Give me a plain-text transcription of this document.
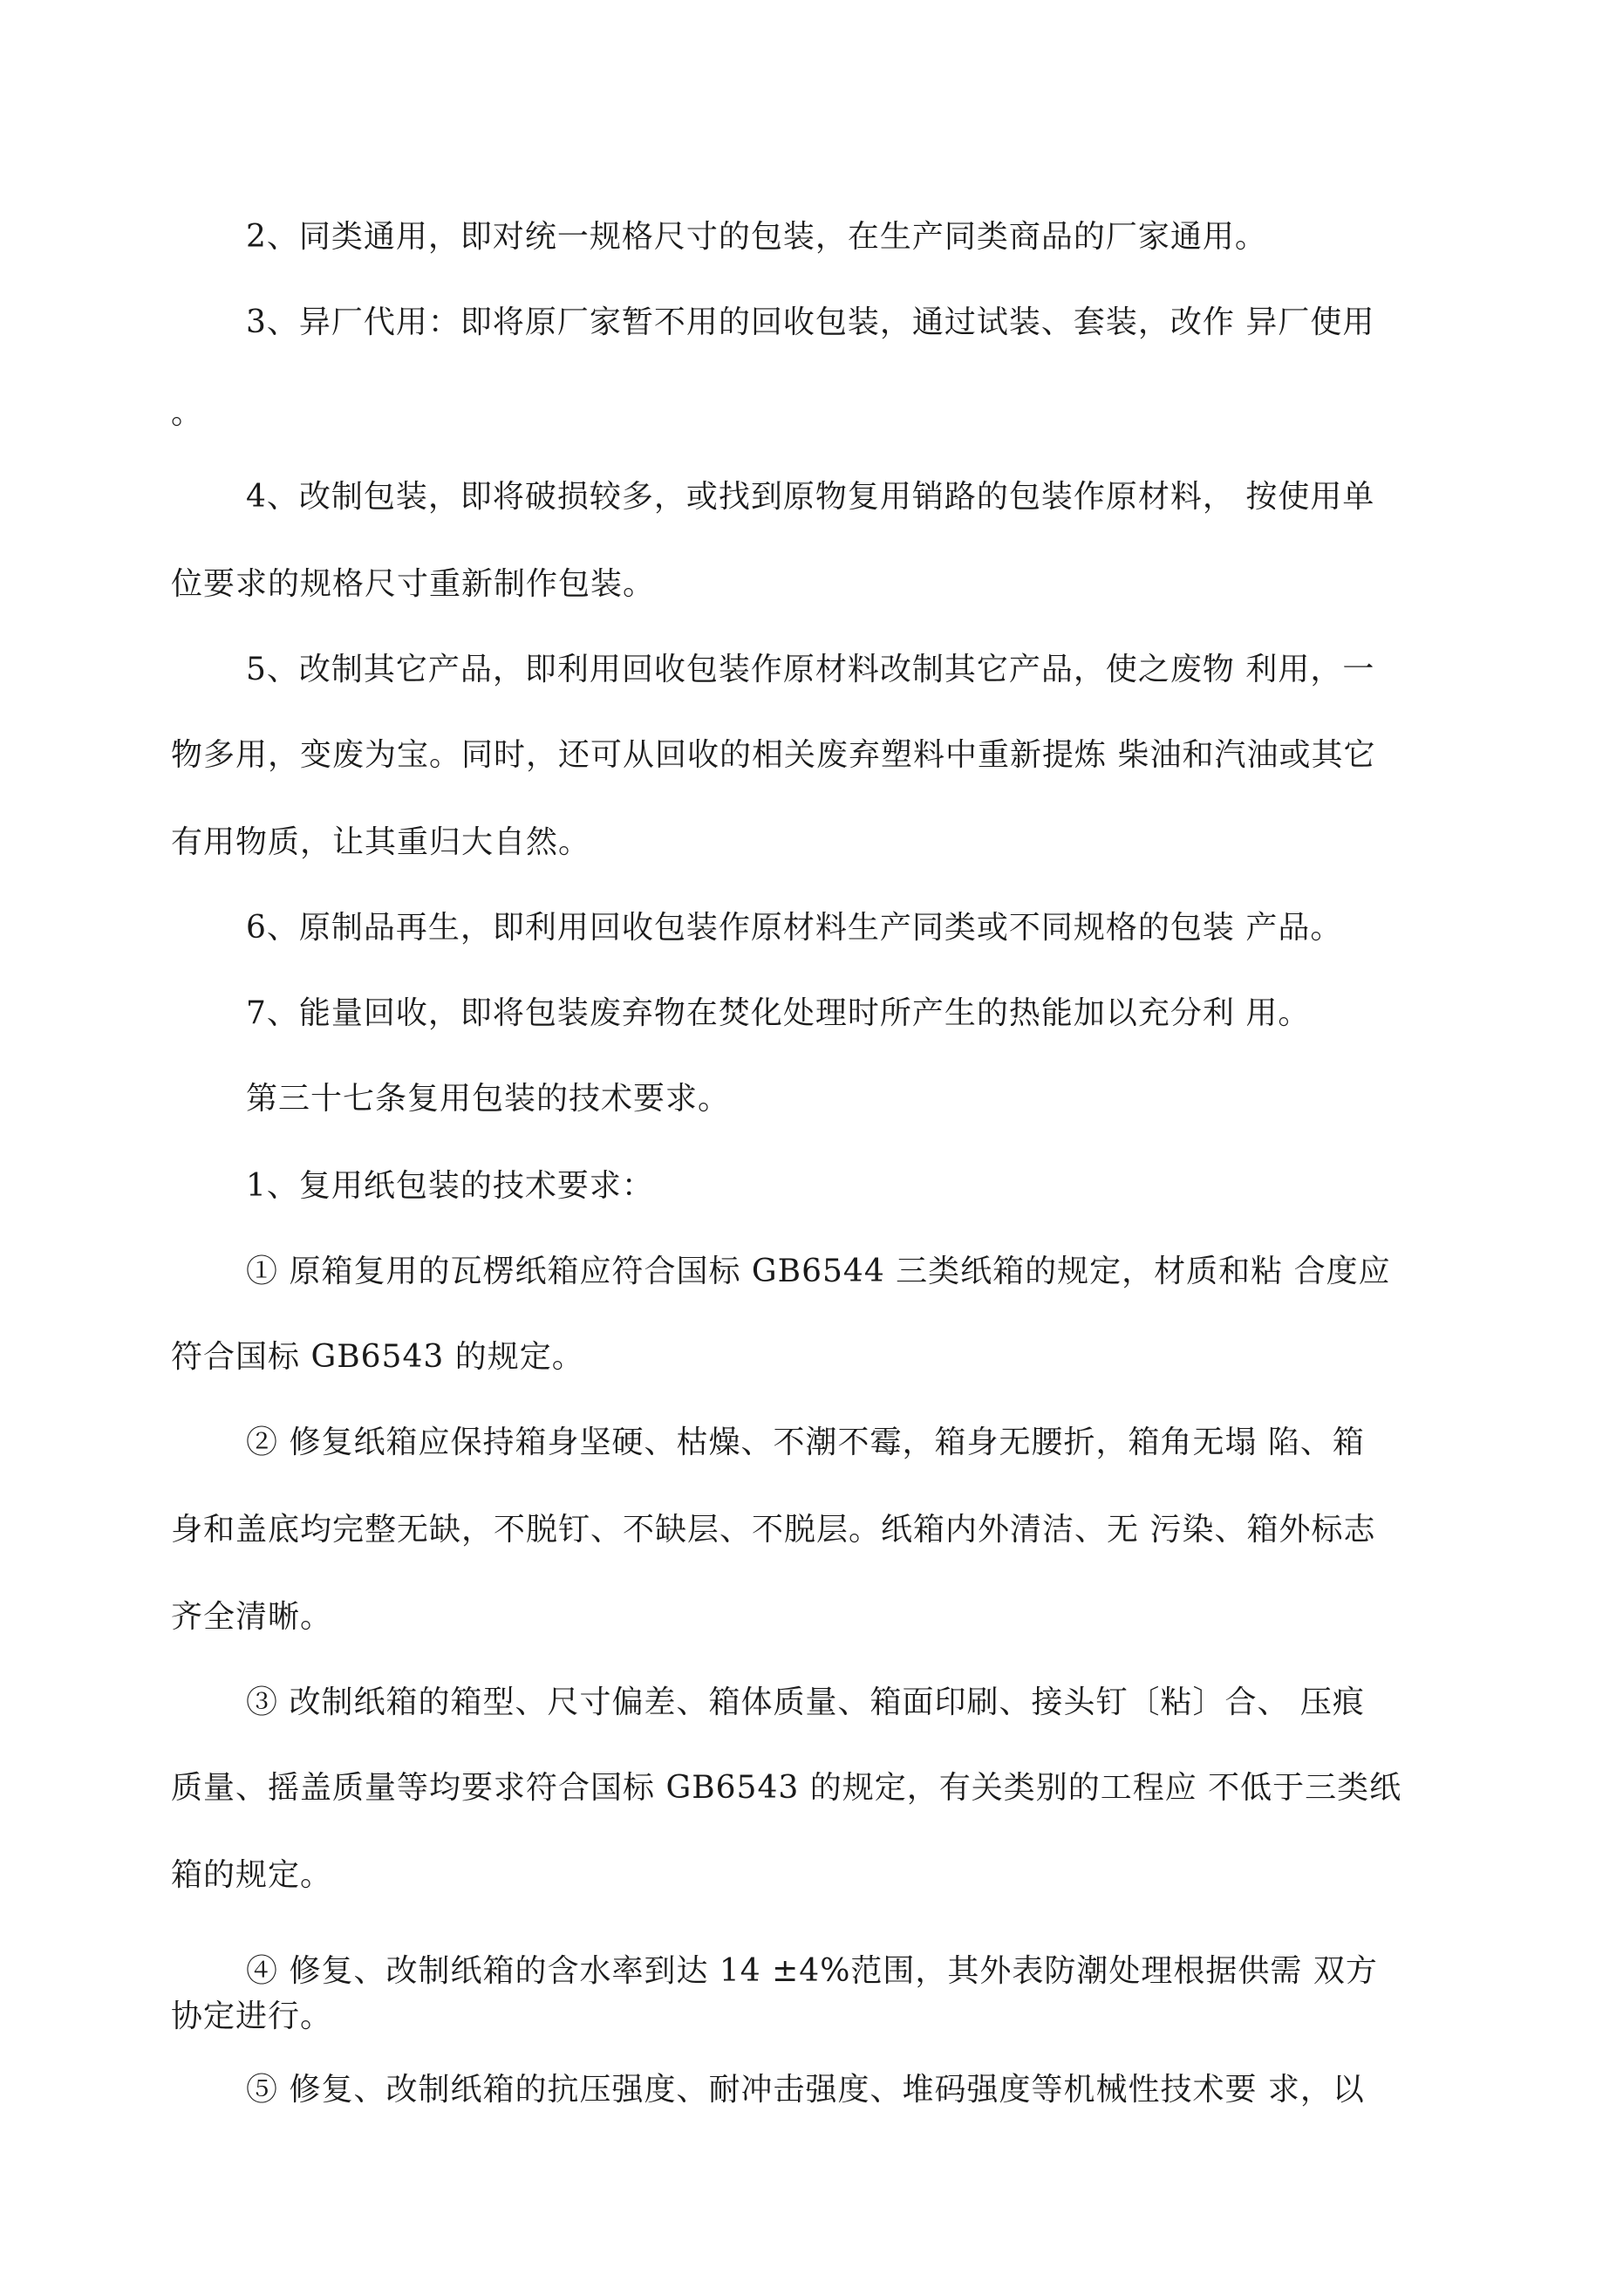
2、同类通用，即对统一规格尺寸的包装，在生产同类商品的厂家通用。
3、异厂代用：即将原厂家暂不用的回收包装，通过试装、套装，改作 异厂使用
。
4、改制包装，即将破损较多，或找到原物复用销路的包装作原材料， 按使用单
位要求的规格尺寸重新制作包装。
5、改制其它产品，即利用回收包装作原材料改制其它产品，使之废物 利用，一
物多用，变废为宝。同时，还可从回收的相关废弃塑料中重新提炼 柴油和汽油或其它
有用物质，让其重归大自然。
6、原制品再生，即利用回收包装作原材料生产同类或不同规格的包装 产品。
7、能量回收，即将包装废弃物在焚化处理时所产生的热能加以充分利 用。
第三十七条复用包装的技术要求。
1、复用纸包装的技术要求：
① 原箱复用的瓦楞纸箱应符合国标 GB6544 三类纸箱的规定，材质和粘 合度应
符合国标 GB6543 的规定。
② 修复纸箱应保持箱身坚硬、枯燥、不潮不霉，箱身无腰折，箱角无塌 陷、箱
身和盖底均完整无缺，不脱钉、不缺层、不脱层。纸箱内外清洁、无 污染、箱外标志
齐全清晰。
③ 改制纸箱的箱型、尺寸偏差、箱体质量、箱面印刷、接头钉〔粘〕合、 压痕
质量、摇盖质量等均要求符合国标 GB6543 的规定，有关类别的工程应 不低于三类纸
箱的规定。
④ 修复、改制纸箱的含水率到达 14 ±4%范围，其外表防潮处理根据供需 双方
协定进行。
⑤ 修复、改制纸箱的抗压强度、耐冲击强度、堆码强度等机械性技术要 求，以
